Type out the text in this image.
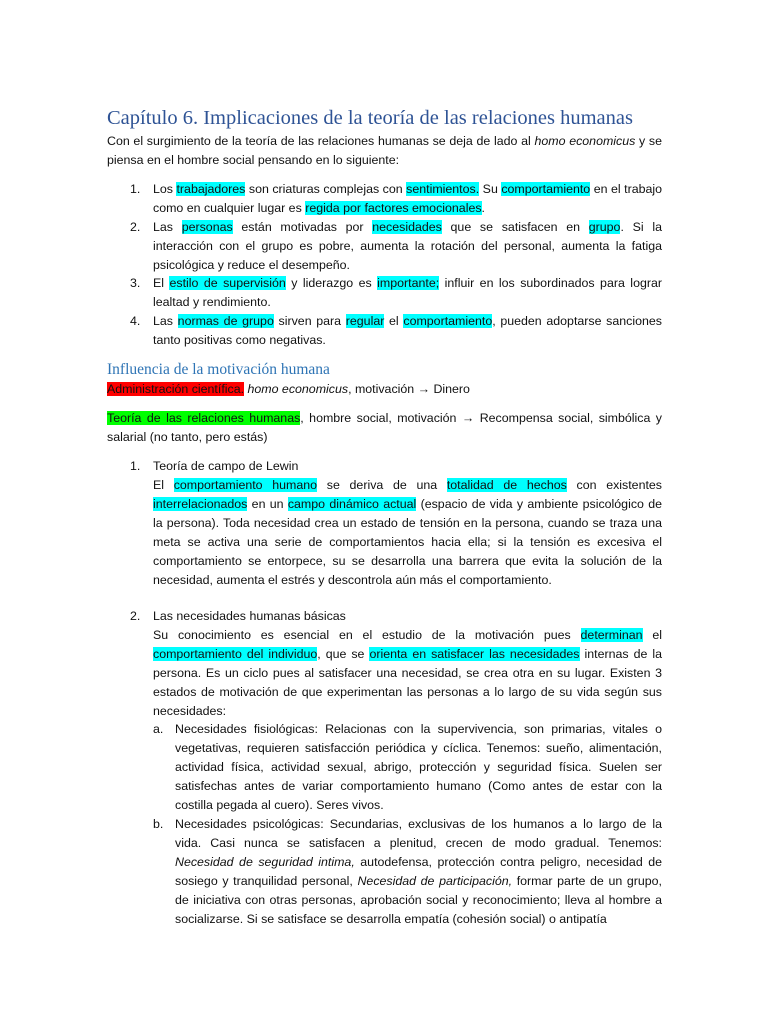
Capítulo 6. Implicaciones de la teoría de las relaciones humanas
Con el surgimiento de la teoría de las relaciones humanas se deja de lado al homo economicus y se piensa en el hombre social pensando en lo siguiente:
1. Los trabajadores son criaturas complejas con sentimientos. Su comportamiento en el trabajo como en cualquier lugar es regida por factores emocionales.
2. Las personas están motivadas por necesidades que se satisfacen en grupo. Si la interacción con el grupo es pobre, aumenta la rotación del personal, aumenta la fatiga psicológica y reduce el desempeño.
3. El estilo de supervisión y liderazgo es importante; influir en los subordinados para lograr lealtad y rendimiento.
4. Las normas de grupo sirven para regular el comportamiento, pueden adoptarse sanciones tanto positivas como negativas.
Influencia de la motivación humana
Administración científica. homo economicus, motivación → Dinero
Teoría de las relaciones humanas, hombre social, motivación → Recompensa social, simbólica y salarial (no tanto, pero estás)
1. Teoría de campo de Lewin
El comportamiento humano se deriva de una totalidad de hechos con existentes interrelacionados en un campo dinámico actual (espacio de vida y ambiente psicológico de la persona). Toda necesidad crea un estado de tensión en la persona, cuando se traza una meta se activa una serie de comportamientos hacia ella; si la tensión es excesiva el comportamiento se entorpece, su se desarrolla una barrera que evita la solución de la necesidad, aumenta el estrés y descontrola aún más el comportamiento.
2. Las necesidades humanas básicas
Su conocimiento es esencial en el estudio de la motivación pues determinan el comportamiento del individuo, que se orienta en satisfacer las necesidades internas de la persona. Es un ciclo pues al satisfacer una necesidad, se crea otra en su lugar. Existen 3 estados de motivación de que experimentan las personas a lo largo de su vida según sus necesidades:
a. Necesidades fisiológicas: Relacionas con la supervivencia, son primarias, vitales o vegetativas, requieren satisfacción periódica y cíclica. Tenemos: sueño, alimentación, actividad física, actividad sexual, abrigo, protección y seguridad física. Suelen ser satisfechas antes de variar comportamiento humano (Como antes de estar con la costilla pegada al cuero). Seres vivos.
b. Necesidades psicológicas: Secundarias, exclusivas de los humanos a lo largo de la vida. Casi nunca se satisfacen a plenitud, crecen de modo gradual. Tenemos: Necesidad de seguridad intima, autodefensa, protección contra peligro, necesidad de sosiego y tranquilidad personal, Necesidad de participación, formar parte de un grupo, de iniciativa con otras personas, aprobación social y reconocimiento; lleva al hombre a socializarse. Si se satisface se desarrolla empatía (cohesión social) o antipatía
